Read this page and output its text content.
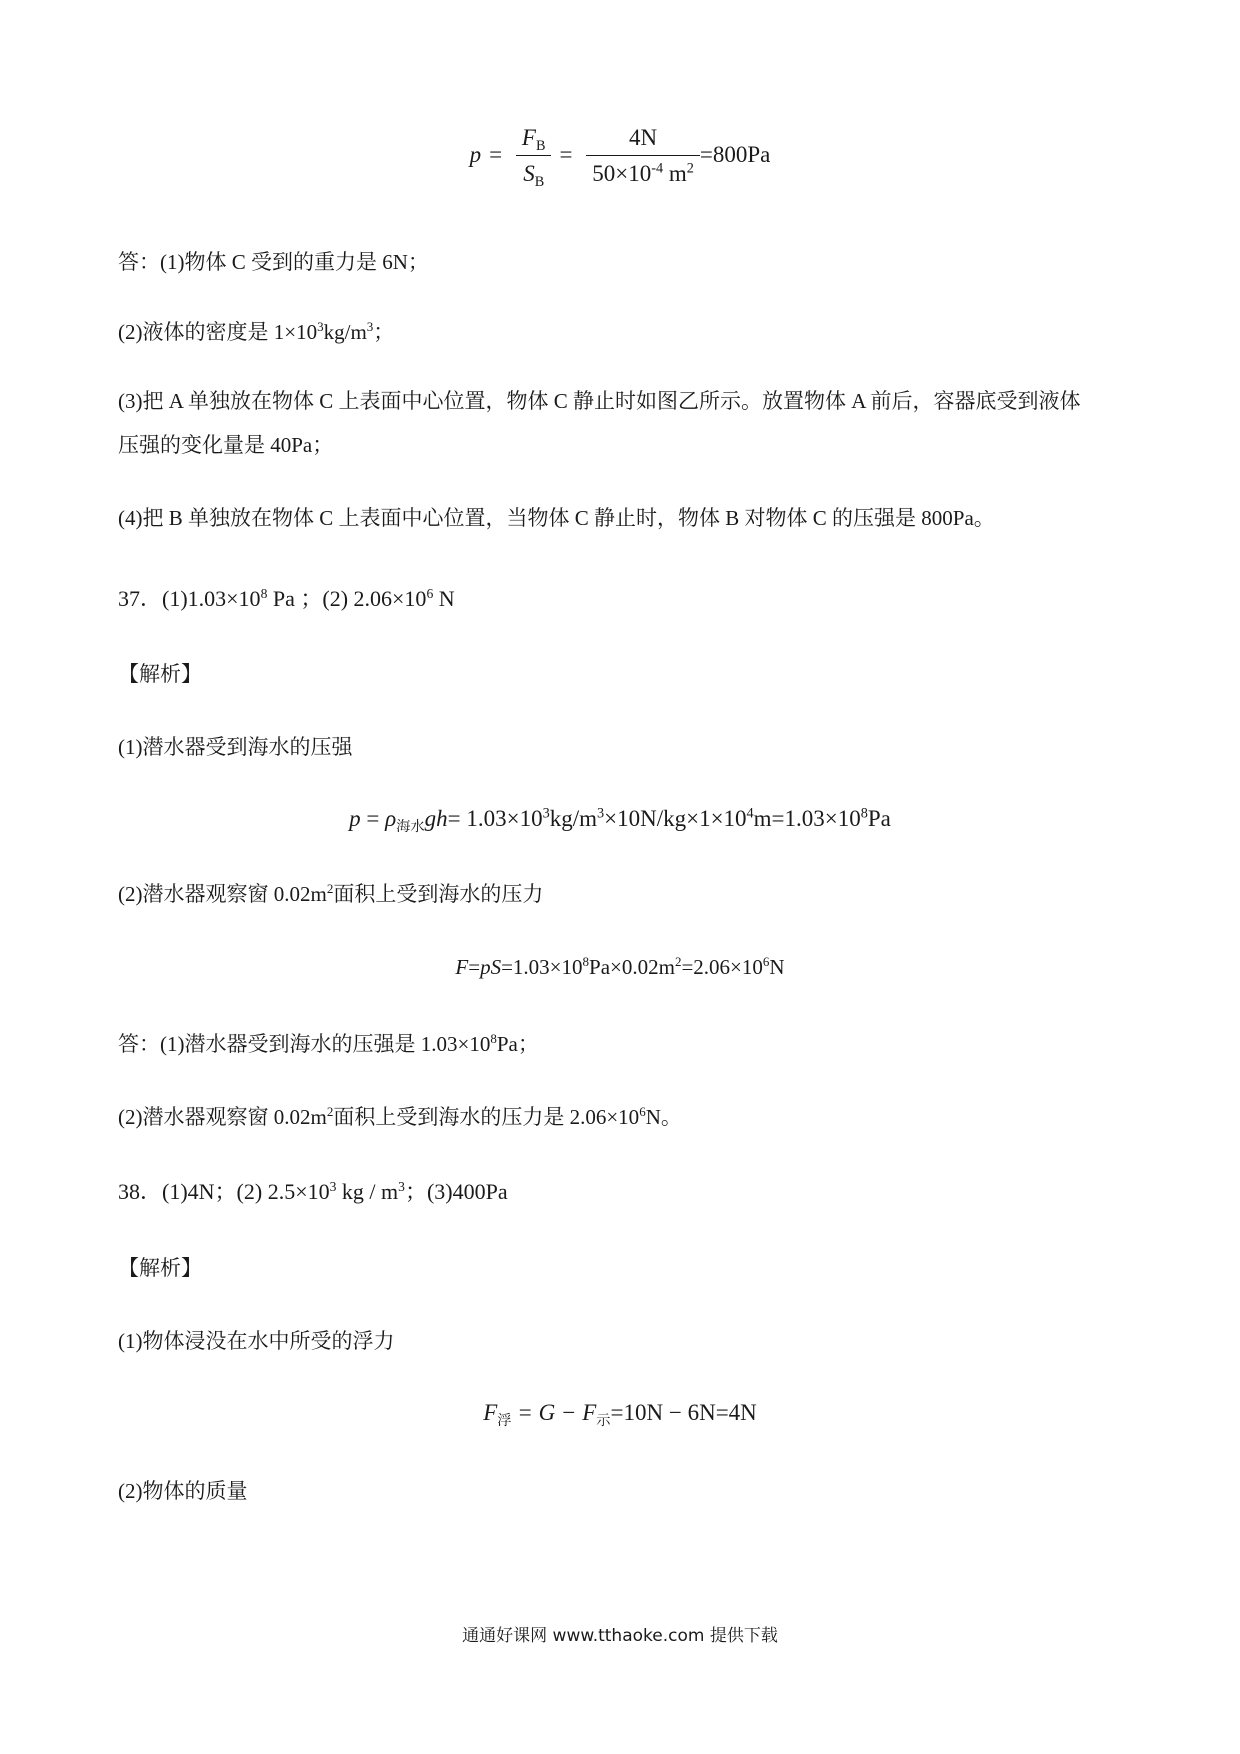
$p = \frac{F_B}{S_B} = \frac{4N}{50\times 10^{-4} m^2} =800Pa$
答：(1)物体 C 受到的重力是 6N；
(2)液体的密度是 $1\times 10^3kg/m^3$；
(3)把 A 单独放在物体 C 上表面中心位置，物体 C 静止时如图乙所示。放置物体 A 前后，容器底受到液体
压强的变化量是 40Pa；
(4)把 B 单独放在物体 C 上表面中心位置，当物体 C 静止时，物体 B 对物体 C 的压强是 800Pa。
37．$(1)1.03\times 10^8$ Pa ；(2) $2.06\times 10^6$ N
【解析】
(1)潜水器受到海水的压强
$p = \rho_{海水}gh= 1.03\times 10^3kg/m^3\times 10N/kg\times 1\times 10^4m=1.03\times 10^8Pa$
(2)潜水器观察窗 $0.02m^2$面积上受到海水的压力
$F=pS=1.03\times 10^8Pa\times 0.02m^2=2.06\times 10^6N$
答：(1)潜水器受到海水的压强是 $1.03\times 10^8Pa$；
(2)潜水器观察窗 $0.02m^2$面积上受到海水的压力是 $2.06\times 10^6N$。
38．(1)4N；(2) $2.5\times 10^3$ kg / $m^3$；(3)400Pa
【解析】
(1)物体浸没在水中所受的浮力
$F_浮 = G - F_示=10N - 6N=4N$
(2)物体的质量
通通好课网 www.tthaoke.com 提供下载
